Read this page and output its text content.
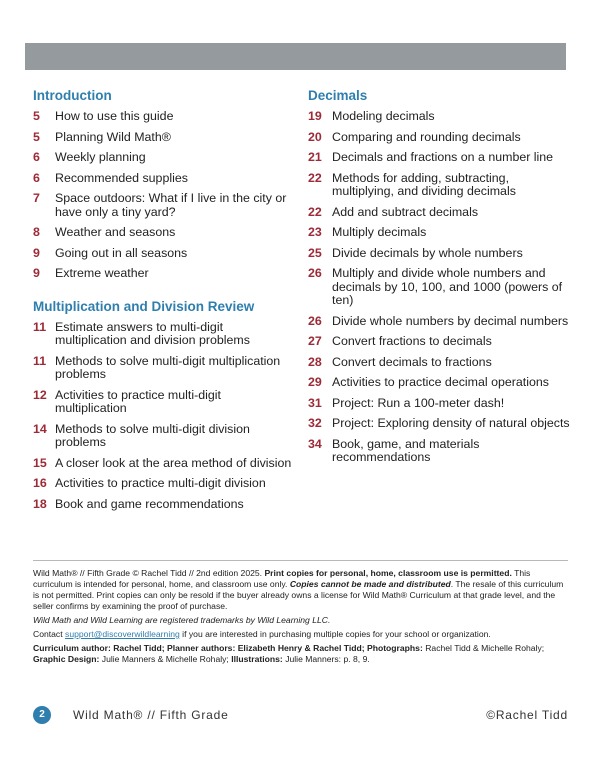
Introduction
5	How to use this guide
5	Planning Wild Math®
6	Weekly planning
6	Recommended supplies
7	Space outdoors: What if I live in the city or have only a tiny yard?
8	Weather and seasons
9	Going out in all seasons
9	Extreme weather
Multiplication and Division Review
11 Estimate answers to multi-digit multiplication and division problems
11 Methods to solve multi-digit multiplication problems
12 Activities to practice multi-digit multiplication
14 Methods to solve multi-digit division problems
15 A closer look at the area method of division
16 Activities to practice multi-digit division
18 Book and game recommendations
Decimals
19 Modeling decimals
20 Comparing and rounding decimals
21 Decimals and fractions on a number line
22 Methods for adding, subtracting, multiplying, and dividing decimals
22 Add and subtract decimals
23 Multiply decimals
25 Divide decimals by whole numbers
26 Multiply and divide whole numbers and decimals by 10, 100, and 1000 (powers of ten)
26 Divide whole numbers by decimal numbers
27 Convert fractions to decimals
28 Convert decimals to fractions
29 Activities to practice decimal operations
31 Project: Run a 100-meter dash!
32 Project: Exploring density of natural objects
34 Book, game, and materials recommendations

Wild Math® // Fifth Grade © Rachel Tidd // 2nd edition 2025. Print copies for personal, home, classroom use is permitted. This curriculum is intended for personal, home, and classroom use only. Copies cannot be made and distributed. The resale of this curriculum is not permitted. Print copies can only be resold if the buyer already owns a license for Wild Math® Curriculum at that grade level, and the seller confirms by examining the proof of purchase.

Wild Math and Wild Learning are registered trademarks by Wild Learning LLC.

Contact support@discoverwildlearning if you are interested in purchasing multiple copies for your school or organization.

Curriculum author: Rachel Tidd; Planner authors: Elizabeth Henry & Rachel Tidd; Photographs: Rachel Tidd & Michelle Rohaly; Graphic Design: Julie Manners & Michelle Rohaly; Illustrations: Julie Manners: p. 8, 9.

2	Wild Math® // Fifth Grade	©Rachel Tidd
